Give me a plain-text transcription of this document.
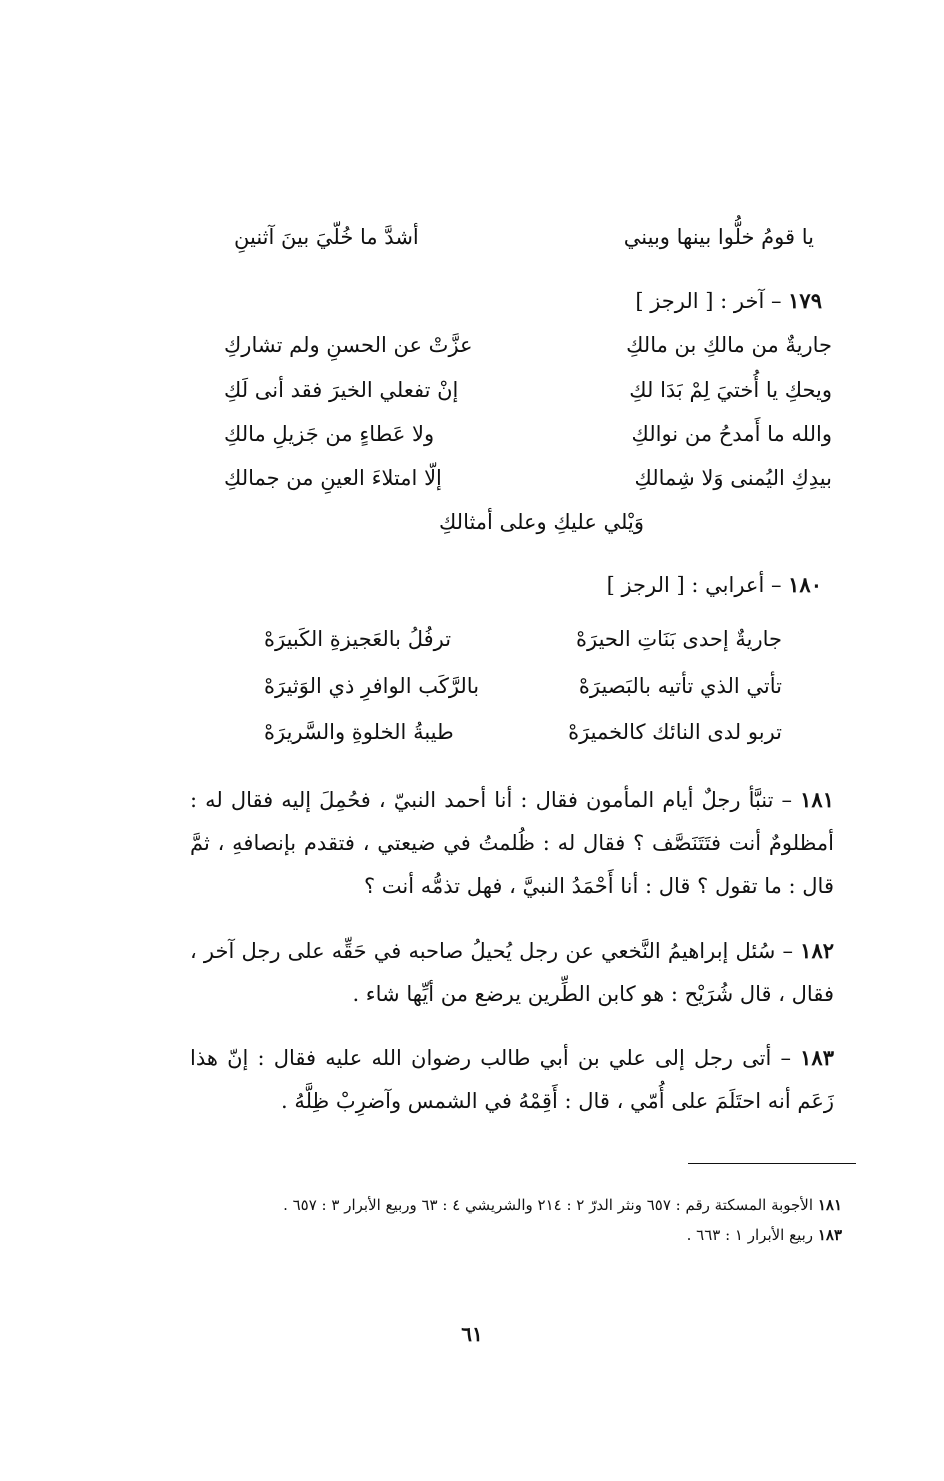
يا قومُ خلُّوا بينها وبيني
أشدَّ ما خُلّيَ بينَ آثنينِ
١٧٩ – آخر : [ الرجز ]
جاريةٌ من مالكِ بن مالكِ
عزَّتْ عن الحسنِ ولم تشاركِ
ويحكِ يا أُختيَ لِمْ بَدَا لكِ
إنْ تفعلي الخيرَ فقد أنى لَكِ
والله ما أَمدحُ من نوالكِ
ولا عَطاءٍ من جَزيلِ مالكِ
بيدِكِ اليُمنى وَلا شِمالكِ
إلّا امتلاءَ العينِ من جمالكِ
وَيْلي عليكِ وعلى أمثالكِ
١٨٠ – أعرابي : [ الرجز ]
جاريةٌ إحدى بَنَاتِ الحيرَهْ
ترفُلُ بالعَجيزةِ الكَبيرَهْ
تأتي الذي تأتيه بالبَصيرَهْ
بالرَّكَب الوافرِ ذي الوَثيرَهْ
تربو لدى النائك كالخميرَهْ
طيبةُ الخلوةِ والسَّريرَهْ
١٨١ – تنبَّأ رجلٌ أيام المأمون فقال : أنا أحمد النبيّ ، فحُمِلَ إليه فقال له : أمظلومٌ أنت فتَتَنَصَّف ؟ فقال له : ظُلمتُ في ضيعتي ، فتقدم بإنصافهِ ، ثمَّ قال : ما تقول ؟ قال : أنا أَحْمَدُ النبيَّ ، فهل تذمُّه أنت ؟
١٨٢ – سُئل إبراهيمُ النَّخعي عن رجل يُحيلُ صاحبه في حَقِّه على رجل آخر ، فقال ، قال شُرَيْح : هو كابن الطِّرين يرضع من أيِّها شاء .
١٨٣ – أتى رجل إلى علي بن أبي طالب رضوان الله عليه فقال : إنّ هذا زَعَم أنه احتَلَمَ على أُمّي ، قال : أَقِمْهُ في الشمس وآضرِبْ ظِلَّهُ .
١٨١ الأجوبة المسكتة رقم : ٦٥٧ ونثر الدرّ ٢ : ٢١٤ والشريشي ٤ : ٦٣ وربيع الأبرار ٣ : ٦٥٧ .
١٨٣ ربيع الأبرار ١ : ٦٦٣ .
٦١
